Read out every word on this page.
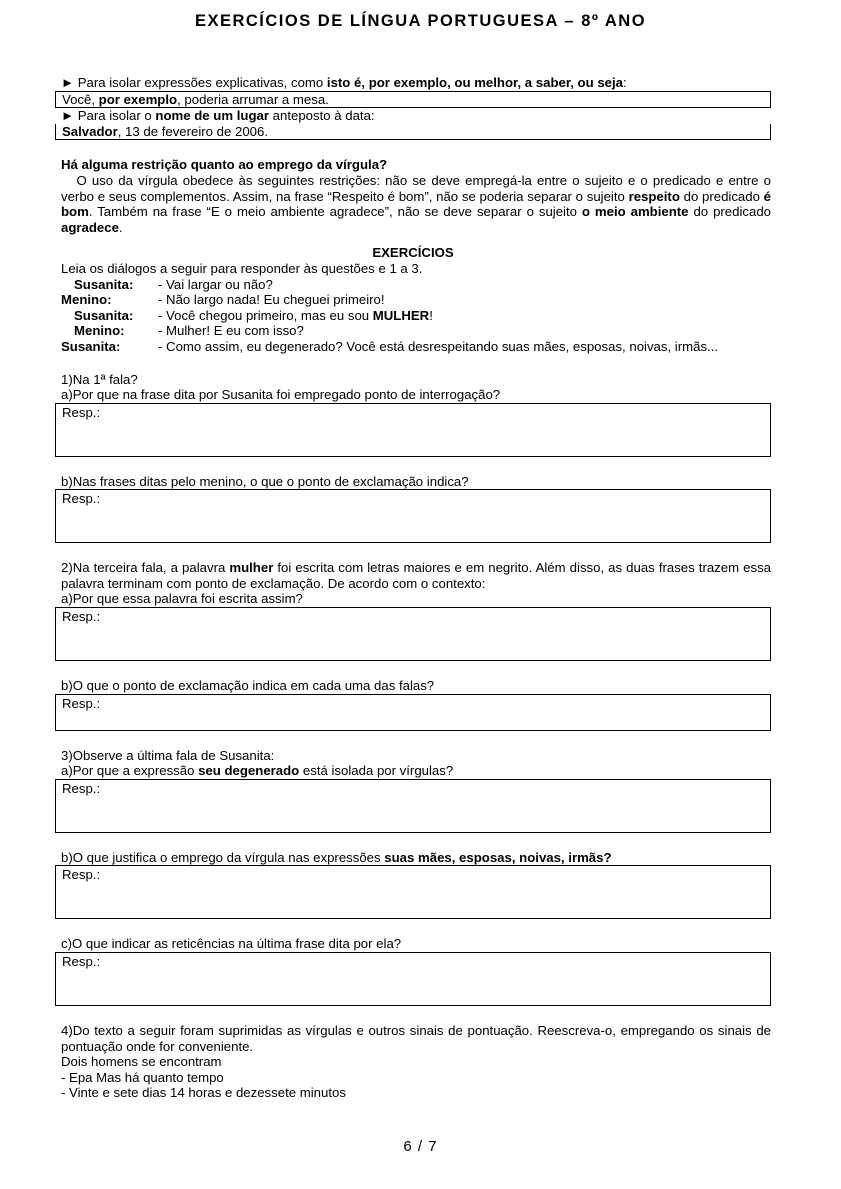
EXERCÍCIOS DE LÍNGUA PORTUGUESA – 8º ANO
► Para isolar expressões explicativas, como isto é, por exemplo, ou melhor, a saber, ou seja:
Você, por exemplo, poderia arrumar a mesa.
► Para isolar o nome de um lugar anteposto à data:
Salvador, 13 de fevereiro de 2006.
Há alguma restrição quanto ao emprego da vírgula?
O uso da vírgula obedece às seguintes restrições: não se deve empregá-la entre o sujeito e o predicado e entre o verbo e seus complementos. Assim, na frase “Respeito é bom”, não se poderia separar o sujeito respeito do predicado é bom. Também na frase “E o meio ambiente agradece”, não se deve separar o sujeito o meio ambiente do predicado agradece.
EXERCÍCIOS
Leia os diálogos a seguir para responder às questões e 1 a 3.
Susanita:	- Vai largar ou não?
Menino:	- Não largo nada! Eu cheguei primeiro!
Susanita:	- Você chegou primeiro, mas eu sou MULHER!
Menino:	- Mulher! E eu com isso?
Susanita:	- Como assim, eu degenerado? Você está desrespeitando suas mães, esposas, noivas, irmãs...
1)Na 1ª fala?
a)Por que na frase dita por Susanita foi empregado ponto de interrogação?
Resp.:
b)Nas frases ditas pelo menino, o que o ponto de exclamação indica?
Resp.:
2)Na terceira fala, a palavra mulher foi escrita com letras maiores e em negrito. Além disso, as duas frases trazem essa palavra terminam com ponto de exclamação. De acordo com o contexto:
a)Por que essa palavra foi escrita assim?
Resp.:
b)O que o ponto de exclamação indica em cada uma das falas?
Resp.:
3)Observe a última fala de Susanita:
a)Por que a expressão seu degenerado está isolada por vírgulas?
Resp.:
b)O que justifica o emprego da vírgula nas expressões suas mães, esposas, noivas, irmãs?
Resp.:
c)O que indicar as reticências na última frase dita por ela?
Resp.:
4)Do texto a seguir foram suprimidas as vírgulas e outros sinais de pontuação. Reescreva-o, empregando os sinais de pontuação onde for conveniente.
Dois homens se encontram
- Epa Mas há quanto tempo
- Vinte e sete dias 14 horas e dezessete minutos
6 / 7
